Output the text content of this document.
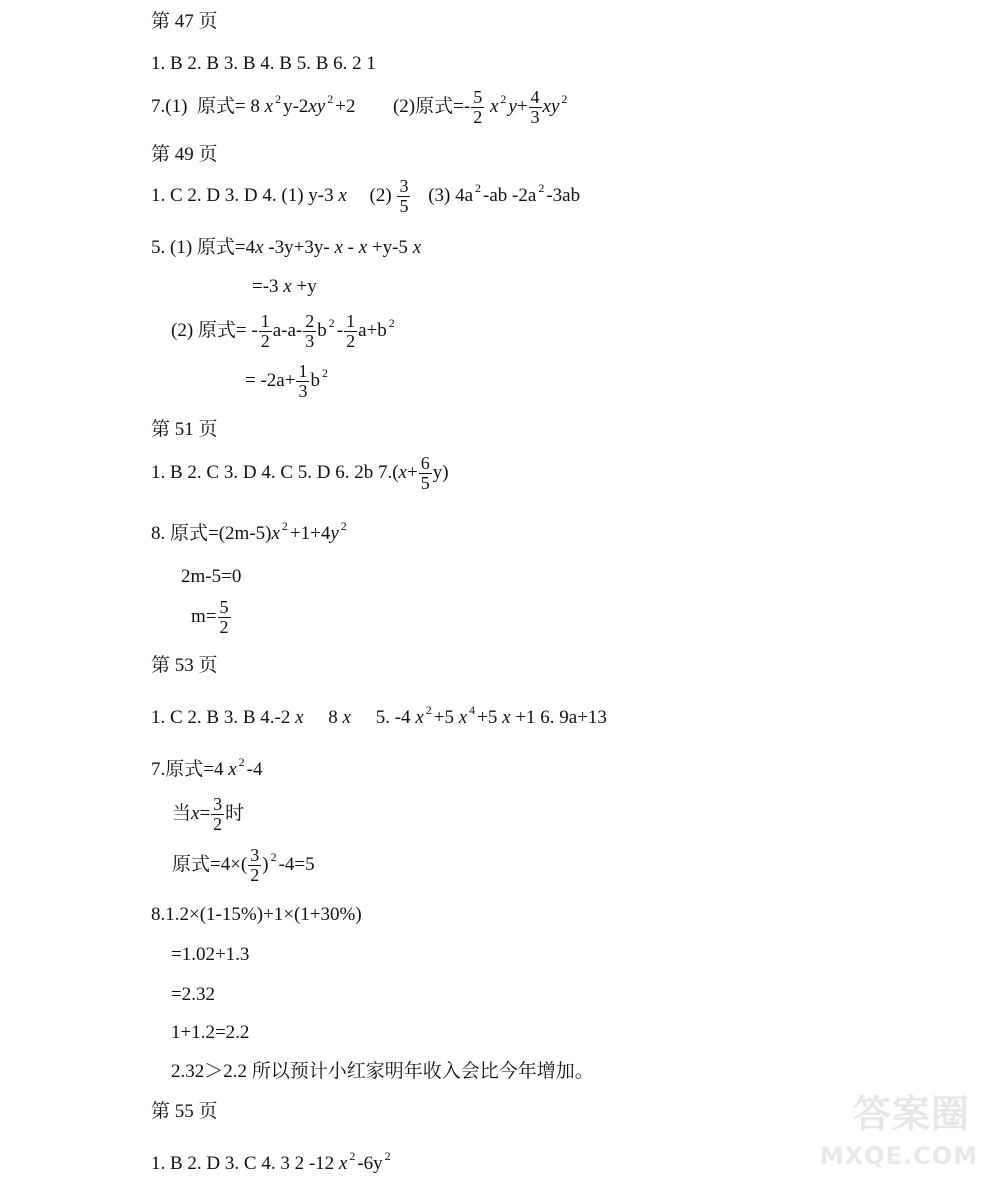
第 47 页
1. B 2. B 3. B 4. B 5. B 6. 2 1
7.(1) 原式= 8 x $^2$ y-2xy $^2$ +2 (2)原式=- $\frac{5}{2}$ x $^2$ $y+ \frac{4}{3}$ xy $^2$
第 49 页
1. C 2. D 3. D 4. (1) y-3 x $(2) \frac{3}{5} (3)$ 4a $^2$ -ab -2a $^2$ -3ab
5. (1) 原式=4x -3y+3y- x - x +y-5 x
=-3 x +y
(2) 原式= - $\frac{1}{2} a-a- \frac{2}{3}$ b $^2 - \frac{1}{2} a+b$ $^2$
= $-2a+ \frac{1}{3}$ b $^2$
第 51 页
1. B 2. C 3. D 4. C 5. D 6. 2b $7.(x+ \frac{6}{5} y)$
8. 原式=(2m-5)x $^2$ +1+4y $^2$
2m-5=0
$m= \frac{5}{2}$
第 53 页
1. C 2. B 3. B 4.-2 x 8 x 5. -4 x $^2$ +5 x $^4$ +5 x +1 6. 9a+13
7.原式=4 x $^2$ -4
当$x= \frac{3}{2}$ 时
原式$=4\times( \frac{3}{2}$ ) $^2$ -4=5
8.1.2×(1-15%)+1×(1+30%)
=1.02+1.3
=2.32
1+1.2=2.2
2.32＞2.2 所以预计小红家明年收入会比今年增加。
第 55 页
1. B 2. D 3. C 4. 3 2 -12 x $^2$ -6y $^2$
答案圈
MXQE.COM
